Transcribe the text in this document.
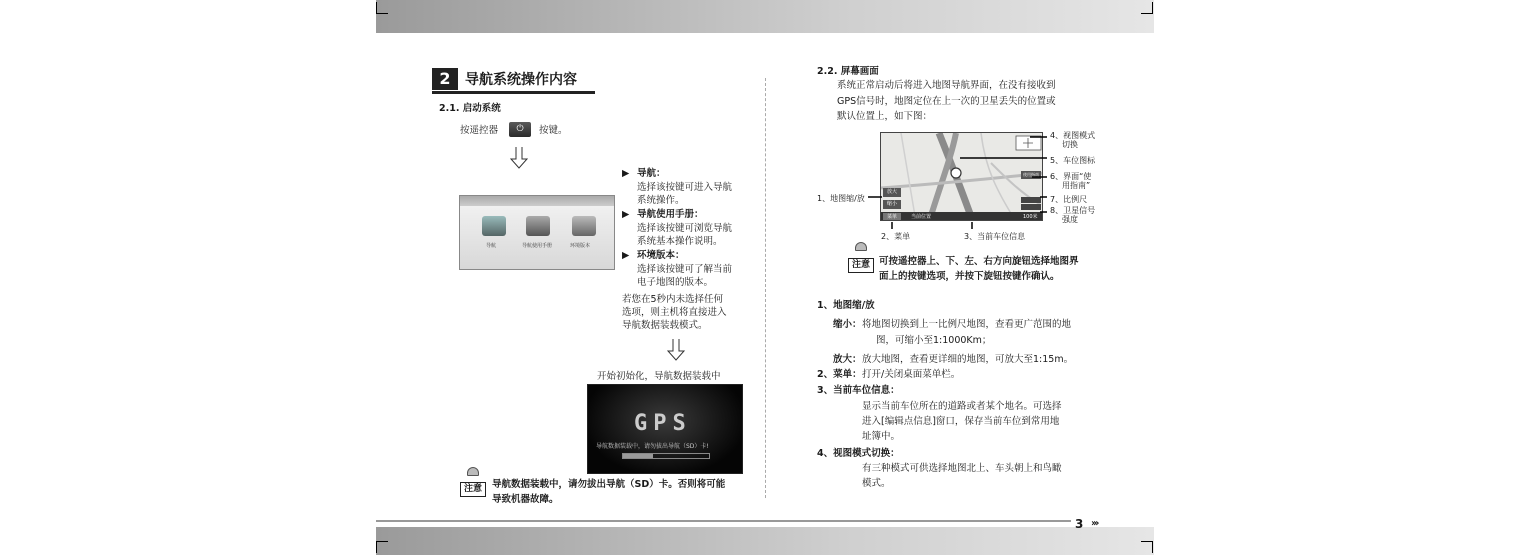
2	导航系统操作内容
2.1. 启动系统
按遥控器	⏻	按键。
导航	导航使用手册	环境版本
▶ 导航：
选择该按键可进入导航
系统操作。
▶ 导航使用手册：
选择该按键可浏览导航
系统基本操作说明。
▶ 环境版本：
选择该按键可了解当前
电子地图的版本。
若您在5秒内未选择任何
选项，则主机将直接进入
导航数据装载模式。
开始初始化，导航数据装载中
GPS
导航数据装载中，请勿拔出导航（SD）卡!
注意	导航数据装载中，请勿拔出导航（SD）卡。否则将可能
导致机器故障。
2.2. 屏幕画面
系统正常启动后将进入地图导航界面，在没有接收到
GPS信号时，地图定位在上一次的卫星丢失的位置或
默认位置上，如下图：
放大
缩小
菜单	当前位置	100米
使用指南
1、地图缩/放
4、视图模式
切换
5、车位图标
6、界面“使
用指南”
7、比例尺
8、卫星信号
强度
2、菜单	3、当前车位信息
注意 可按遥控器上、下、左、右方向旋钮选择地图界
面上的按键选项，并按下旋钮按键作确认。
1、地图缩/放
缩小： 将地图切换到上一比例尺地图，查看更广范围的地
图，可缩小至1:1000Km；
放大： 放大地图，查看更详细的地图，可放大至1:15m。
2、菜单： 打开/关闭桌面菜单栏。
3、当前车位信息：
显示当前车位所在的道路或者某个地名。可选择
进入[编辑点信息]窗口，保存当前车位到常用地
址簿中。
4、视图模式切换：
有三种模式可供选择地图北上、车头朝上和鸟瞰
模式。
3 ›››
